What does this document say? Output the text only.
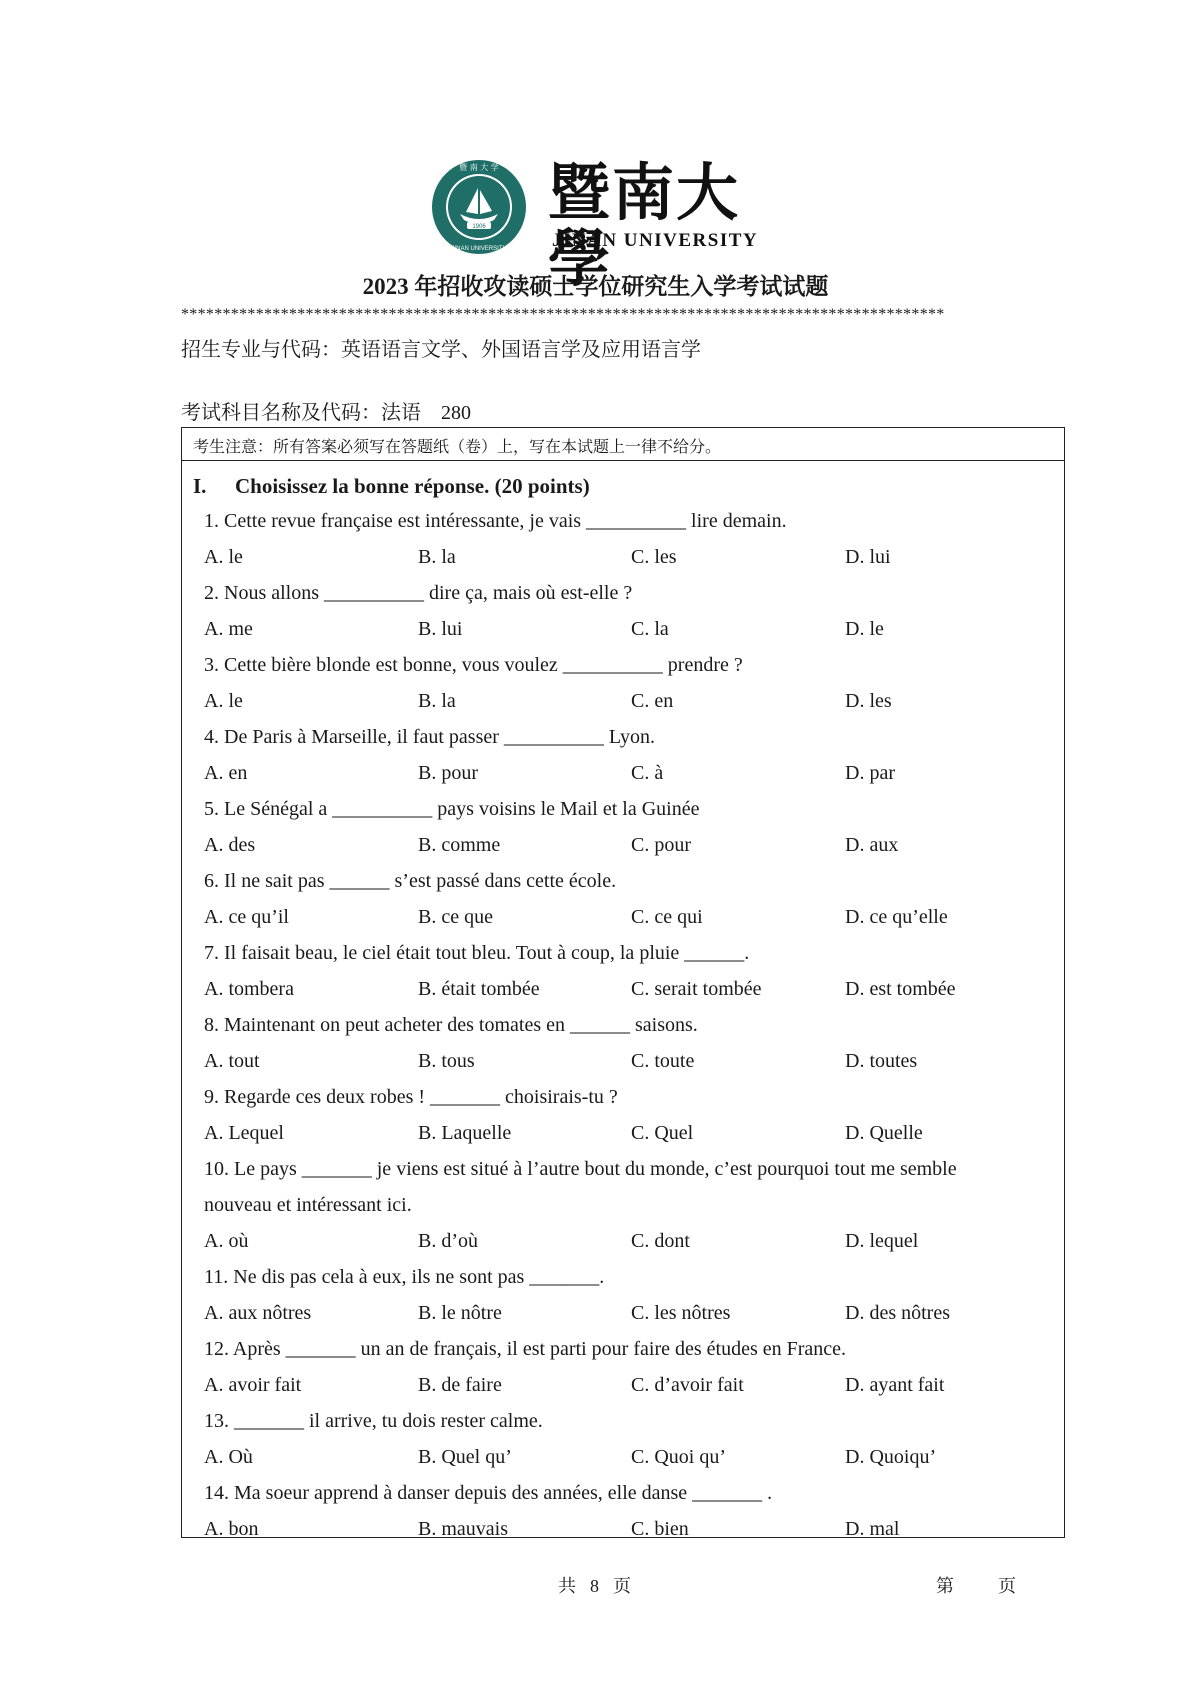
1906
暨 南 大 学
JINAN UNIVERSITY
暨南大學
JINAN UNIVERSITY
2023 年招收攻读硕士学位研究生入学考试试题
********************************************************************************************
招生专业与代码：英语语言文学、外国语言学及应用语言学
考试科目名称及代码：法语　280
考生注意：所有答案必须写在答题纸（卷）上，写在本试题上一律不给分。
I. Choisissez la bonne réponse. (20 points)
1. Cette revue française est intéressante, je vais __________ lire demain.
A. le	B. la	C. les	D. lui
2. Nous allons __________ dire ça, mais où est-elle ?
A. me	B. lui	C. la	D. le
3. Cette bière blonde est bonne, vous voulez __________ prendre ?
A. le	B. la	C. en	D. les
4. De Paris à Marseille, il faut passer __________ Lyon.
A. en	B. pour	C. à	D. par
5. Le Sénégal a __________ pays voisins le Mail et la Guinée
A. des	B. comme	C. pour	D. aux
6. Il ne sait pas ______ s’est passé dans cette école.
A. ce qu’il	B. ce que	C. ce qui	D. ce qu’elle
7. Il faisait beau, le ciel était tout bleu. Tout à coup, la pluie ______.
A. tombera	B. était tombée	C. serait tombée	D. est tombée
8. Maintenant on peut acheter des tomates en ______ saisons.
A. tout	B. tous	C. toute	D. toutes
9. Regarde ces deux robes ! _______ choisirais-tu ?
A. Lequel	B. Laquelle	C. Quel	D. Quelle
10. Le pays _______ je viens est situé à l’autre bout du monde, c’est pourquoi tout me semble nouveau et intéressant ici.
A. où	B. d’où	C. dont	D. lequel
11. Ne dis pas cela à eux, ils ne sont pas _______.
A. aux nôtres	B. le nôtre	C. les nôtres	D. des nôtres
12. Après _______ un an de français, il est parti pour faire des études en France.
A. avoir fait	B. de faire	C. d’avoir fait	D. ayant fait
13. _______ il arrive, tu dois rester calme.
A. Où	B. Quel qu’	C. Quoi qu’	D. Quoiqu’
14. Ma soeur apprend à danser depuis des années, elle danse _______ .
A. bon	B. mauvais	C. bien	D. mal
共 8 页	第 页
